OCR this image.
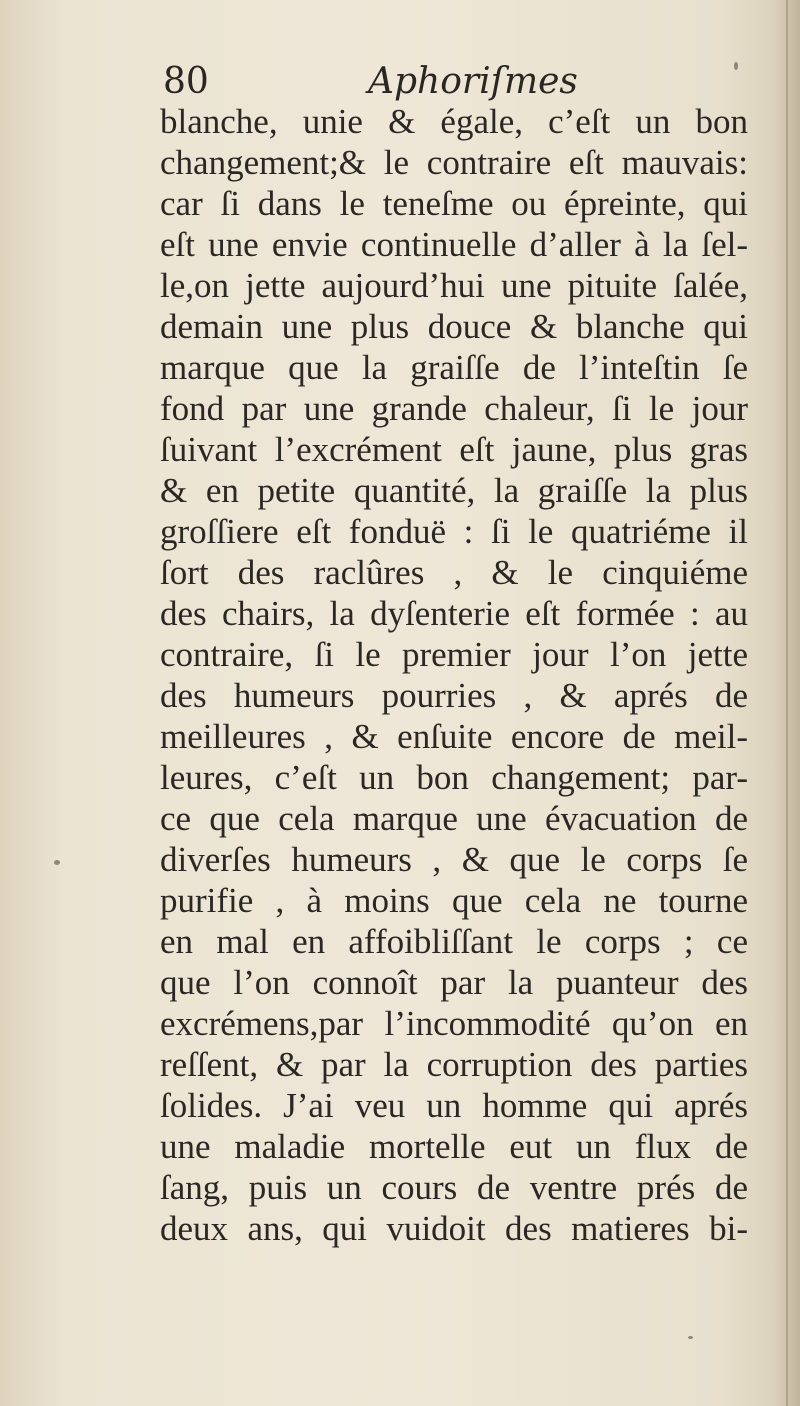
80	Aphoriſmes
blanche, unie & égale, c’eſt un bon
changement;& le contraire eſt mauvais:
car ſi dans le teneſme ou épreinte, qui
eſt une envie continuelle d’aller à la ſel-
le,on jette aujourd’hui une pituite ſalée,
demain une plus douce & blanche qui
marque que la graiſſe de l’inteſtin ſe
fond par une grande chaleur, ſi le jour
ſuivant l’excrément eſt jaune, plus gras
& en petite quantité, la graiſſe la plus
groſſiere eſt fonduë : ſi le quatriéme il
ſort des raclûres , & le cinquiéme
des chairs, la dyſenterie eſt formée : au
contraire, ſi le premier jour l’on jette
des humeurs pourries , & aprés de
meilleures , & enſuite encore de meil-
leures, c’eſt un bon changement; par-
ce que cela marque une évacuation de
diverſes humeurs , & que le corps ſe
purifie , à moins que cela ne tourne
en mal en affoibliſſant le corps ; ce
que l’on connoît par la puanteur des
excrémens,par l’incommodité qu’on en
reſſent, & par la corruption des parties
ſolides. J’ai veu un homme qui aprés
une maladie mortelle eut un flux de
ſang, puis un cours de ventre prés de
deux ans, qui vuidoit des matieres bi-
